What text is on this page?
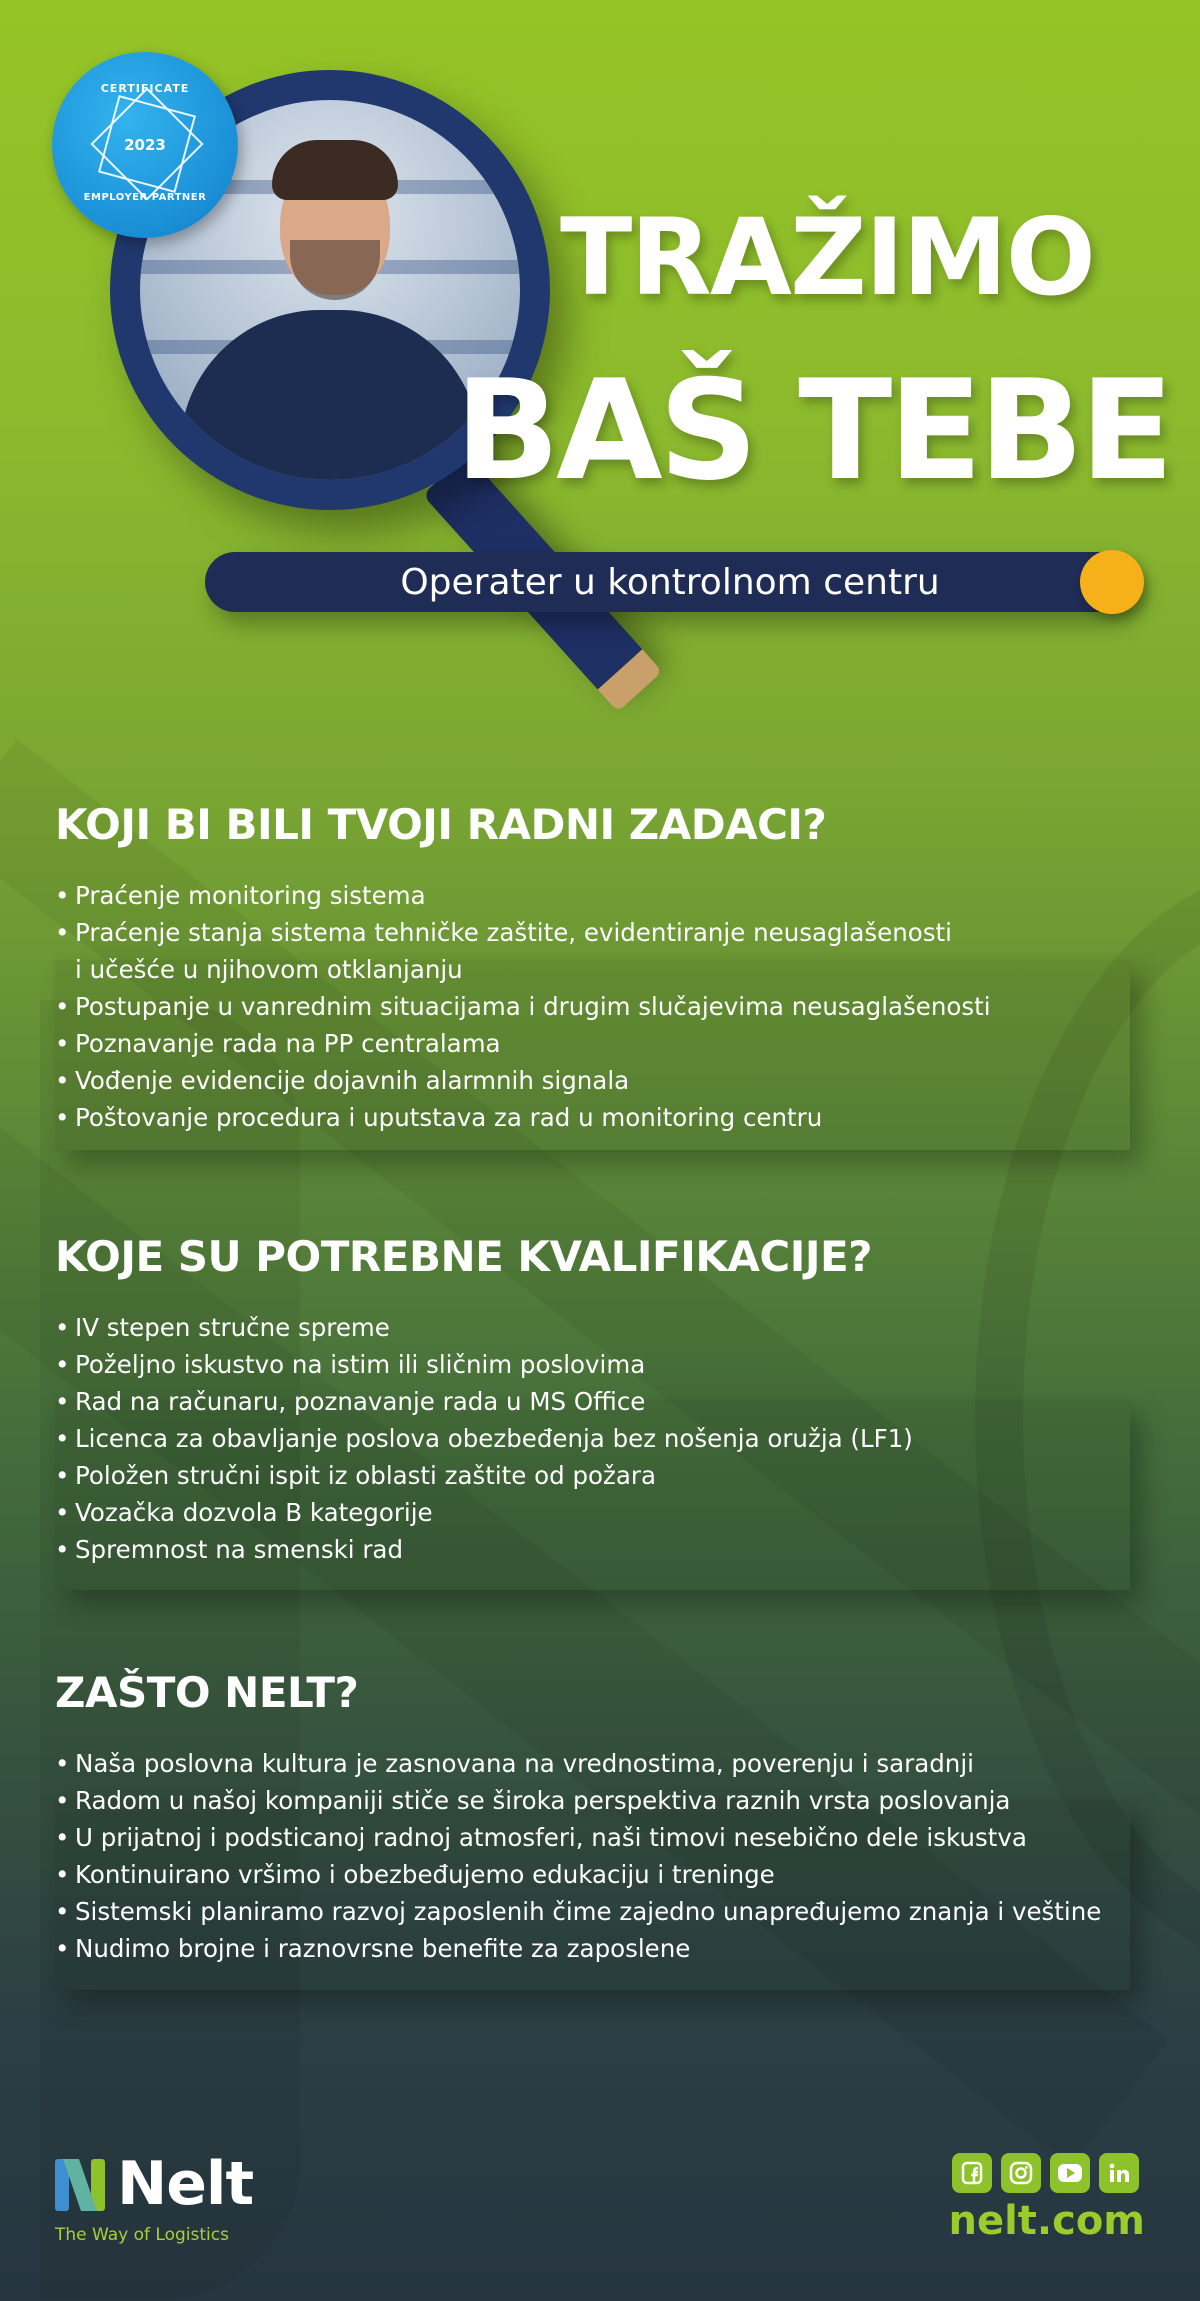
CERTIFICATE
2023
EMPLOYER PARTNER	TRAŽIMO
BAŠ TEBE
Operater u kontrolnom centru
KOJI BI BILI TVOJI RADNI ZADACI?
• Praćenje monitoring sistema
• Praćenje stanja sistema tehničke zaštite, evidentiranje neusaglašenosti
i učešće u njihovom otklanjanju
• Postupanje u vanrednim situacijama i drugim slučajevima neusaglašenosti
• Poznavanje rada na PP centralama
• Vođenje evidencije dojavnih alarmnih signala
• Poštovanje procedura i uputstava za rad u monitoring centru
KOJE SU POTREBNE KVALIFIKACIJE?
• IV stepen stručne spreme
• Poželjno iskustvo na istim ili sličnim poslovima
• Rad na računaru, poznavanje rada u MS Office
• Licenca za obavljanje poslova obezbeđenja bez nošenja oružja (LF1)
• Položen stručni ispit iz oblasti zaštite od požara
• Vozačka dozvola B kategorije
• Spremnost na smenski rad
ZAŠTO NELT?
• Naša poslovna kultura je zasnovana na vrednostima, poverenju i saradnji
• Radom u našoj kompaniji stiče se široka perspektiva raznih vrsta poslovanja
• U prijatnoj i podsticanoj radnoj atmosferi, naši timovi nesebično dele iskustva
• Kontinuirano vršimo i obezbeđujemo edukaciju i treninge
• Sistemski planiramo razvoj zaposlenih čime zajedno unapređujemo znanja i veštine
• Nudimo brojne i raznovrsne benefite za zaposlene
Nelt
The Way of Logistics	nelt.com
